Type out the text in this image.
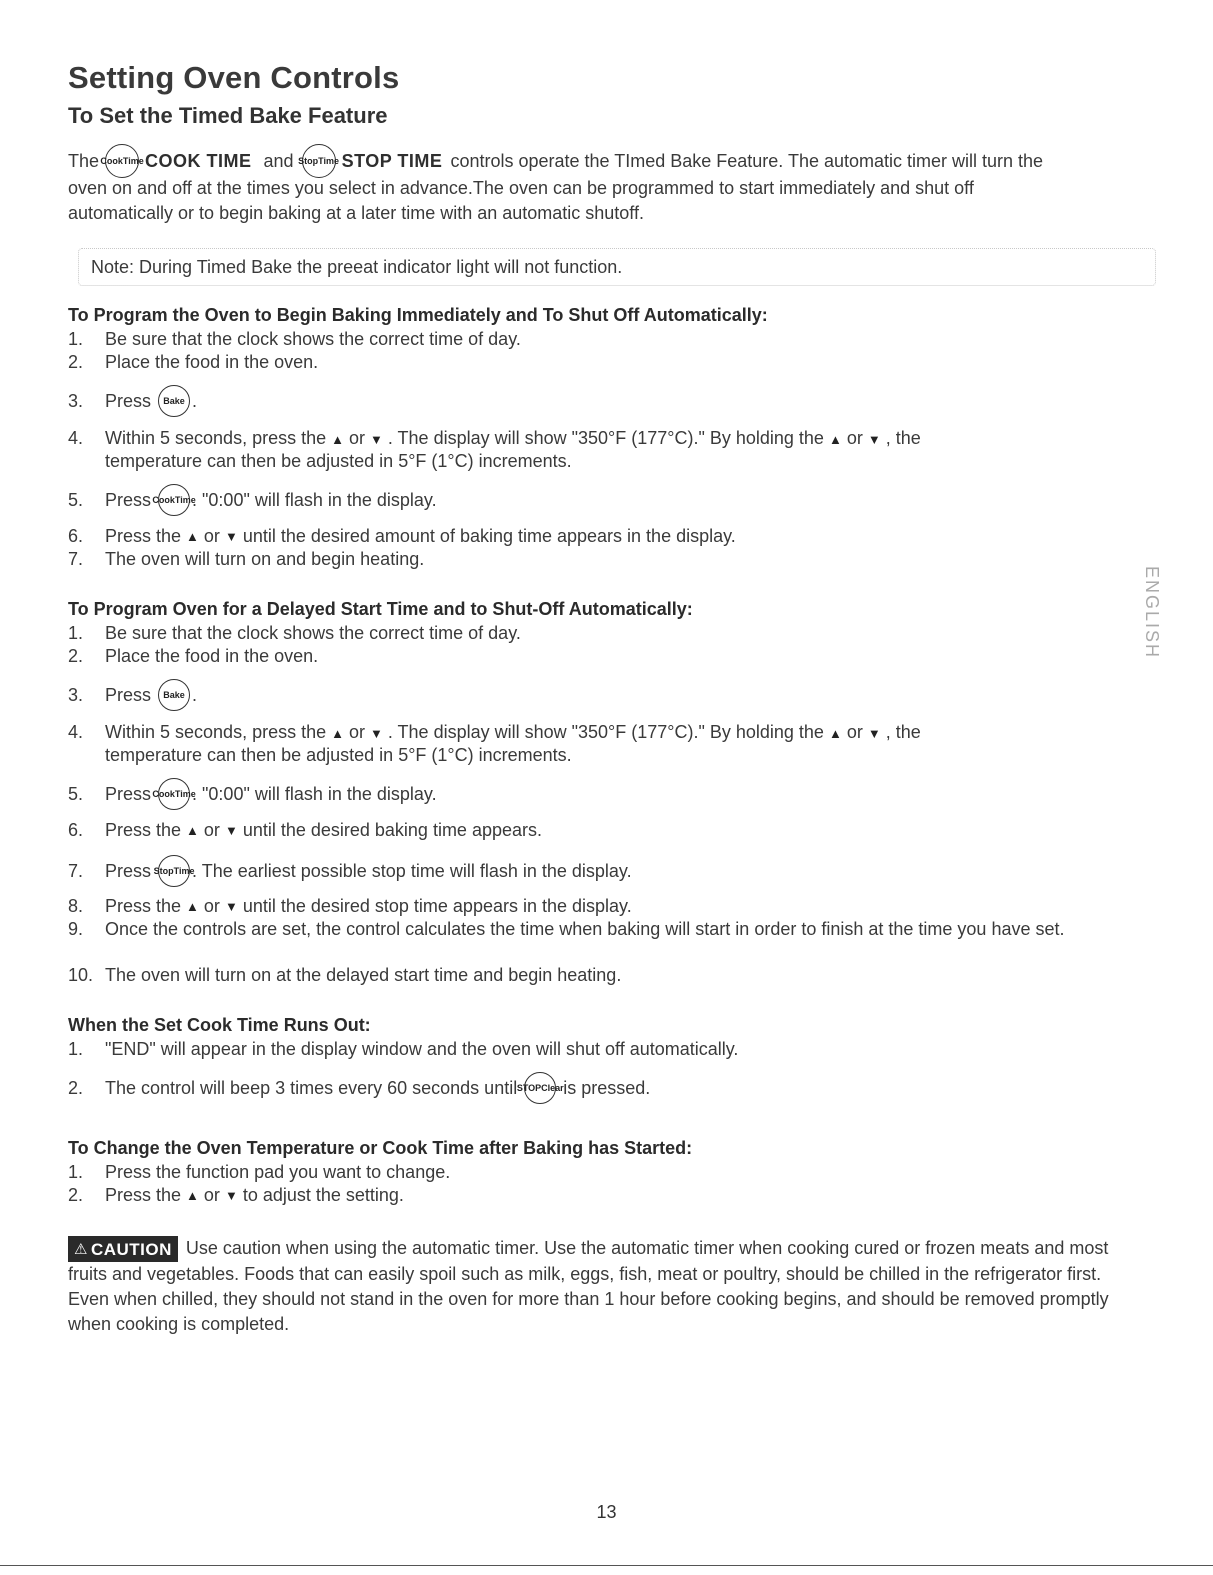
Setting Oven Controls
To Set the Timed Bake Feature
The Cook Time COOK TIME and Stop Time STOP TIME controls operate the TImed Bake Feature. The automatic timer will turn the
oven on and off at the times you select in advance.The oven can be programmed to start immediately and shut off
automatically or to begin baking at a later time with an automatic shutoff.
Note: During Timed Bake the preeat indicator light will not function.
To Program the Oven to Begin Baking Immediately and To Shut Off Automatically:
1.	Be sure that the clock shows the correct time of day.
2.	Place the food in the oven.
3.	Press
	Bake .
4.	Within 5 seconds, press the ▲ or ▼ . The display will show "350°F (177°C)." By holding the ▲ or ▼ , the
temperature can then be adjusted in 5°F (1°C) increments.
5.	Press
Cook Time
. "0:00" will flash in the display.
6.	Press the ▲ or ▼ until the desired amount of baking time appears in the display.
7.	The oven will turn on and begin heating.
To Program Oven for a Delayed Start Time and to Shut-Off Automatically:
1.	Be sure that the clock shows the correct time of day.
2.	Place the food in the oven.
3.	Press
	Bake .
4.	Within 5 seconds, press the ▲ or ▼ . The display will show "350°F (177°C)." By holding the ▲ or ▼ , the
temperature can then be adjusted in 5°F (1°C) increments.
5.	Press
Cook Time
. "0:00" will flash in the display.
6.	Press the ▲ or ▼ until the desired baking time appears.
7.	Press
Stop Time
. The earliest possible stop time will flash in the display.
8.	Press the ▲ or ▼ until the desired stop time appears in the display.
9. Once the controls are set, the control calculates the time when baking will start in order to finish at the time you have set.
10. The oven will turn on at the delayed start time and begin heating.
When the Set Cook Time Runs Out:
1.	"END" will appear in the display window and the oven will shut off automatically.
2.	The control will beep 3 times every 60 seconds until
STOP Clear
is pressed.
To Change the Oven Temperature or Cook Time after Baking has Started:
1.	Press the function pad you want to change.
2.	Press the ▲ or ▼ to adjust the setting.
⚠ CAUTION Use caution when using the automatic timer. Use the automatic timer when cooking cured or frozen meats and most fruits and vegetables. Foods that can easily spoil such as milk, eggs, fish, meat or poultry, should be chilled in the refrigerator first. Even when chilled, they should not stand in the oven for more than 1 hour before cooking begins, and should be removed promptly when cooking is completed.
ENGLISH
13
